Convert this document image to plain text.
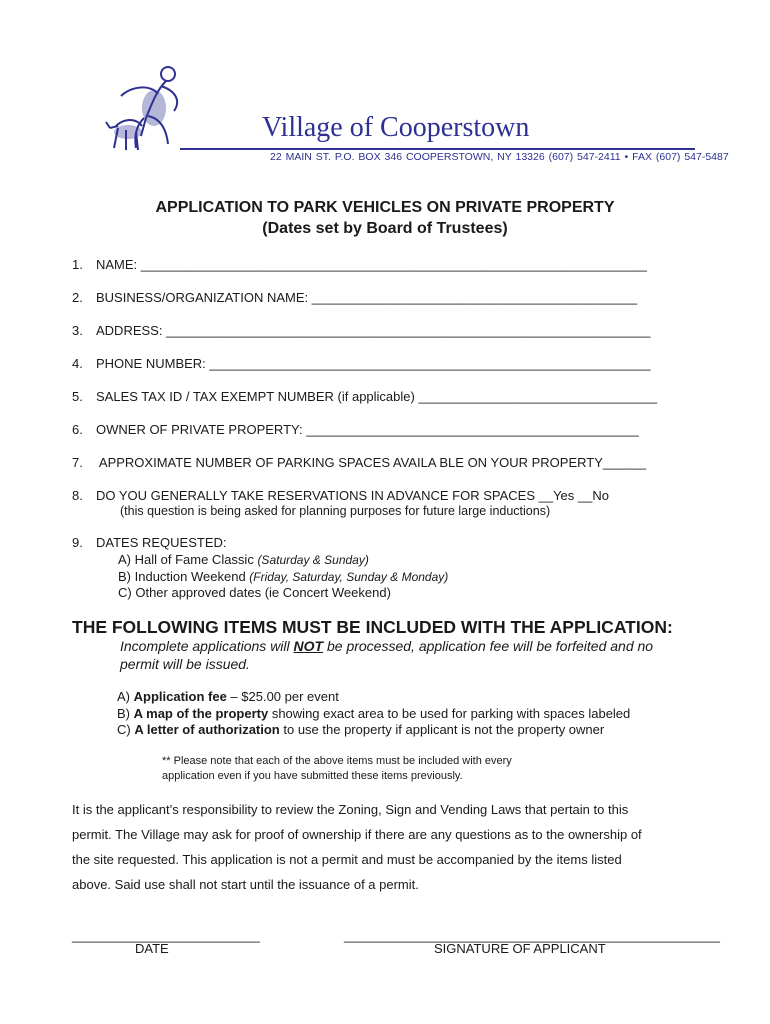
Village of Cooperstown
22 MAIN ST. P.O. BOX 346 COOPERSTOWN, NY 13326 (607) 547-2411 • FAX (607) 547-5487
APPLICATION TO PARK VEHICLES ON PRIVATE PROPERTY
(Dates set by Board of Trustees)
1. NAME: ______________________________________________________________________
2. BUSINESS/ORGANIZATION NAME: _____________________________________________
3. ADDRESS: ___________________________________________________________________
4. PHONE NUMBER: _____________________________________________________________
5. SALES TAX ID / TAX EXEMPT NUMBER (if applicable) _________________________________
6. OWNER OF PRIVATE PROPERTY: ______________________________________________
7. APPROXIMATE NUMBER OF PARKING SPACES AVAILA BLE ON YOUR PROPERTY______
8. DO YOU GENERALLY TAKE RESERVATIONS IN ADVANCE FOR SPACES __Yes __No
(this question is being asked for planning purposes for future large inductions)
9. DATES REQUESTED:
A) Hall of Fame Classic (Saturday & Sunday)
B) Induction Weekend (Friday, Saturday, Sunday & Monday)
C) Other approved dates (ie Concert Weekend)
THE FOLLOWING ITEMS MUST BE INCLUDED WITH THE APPLICATION:
Incomplete applications will NOT be processed, application fee will be forfeited and no
permit will be issued.
A) Application fee – $25.00 per event
B) A map of the property showing exact area to be used for parking with spaces labeled
C) A letter of authorization to use the property if applicant is not the property owner
** Please note that each of the above items must be included with every
application even if you have submitted these items previously.
It is the applicant’s responsibility to review the Zoning, Sign and Vending Laws that pertain to this
permit. The Village may ask for proof of ownership if there are any questions as to the ownership of
the site requested. This application is not a permit and must be accompanied by the items listed
above. Said use shall not start until the issuance of a permit.
__________________________
DATE
____________________________________________________
SIGNATURE OF APPLICANT
